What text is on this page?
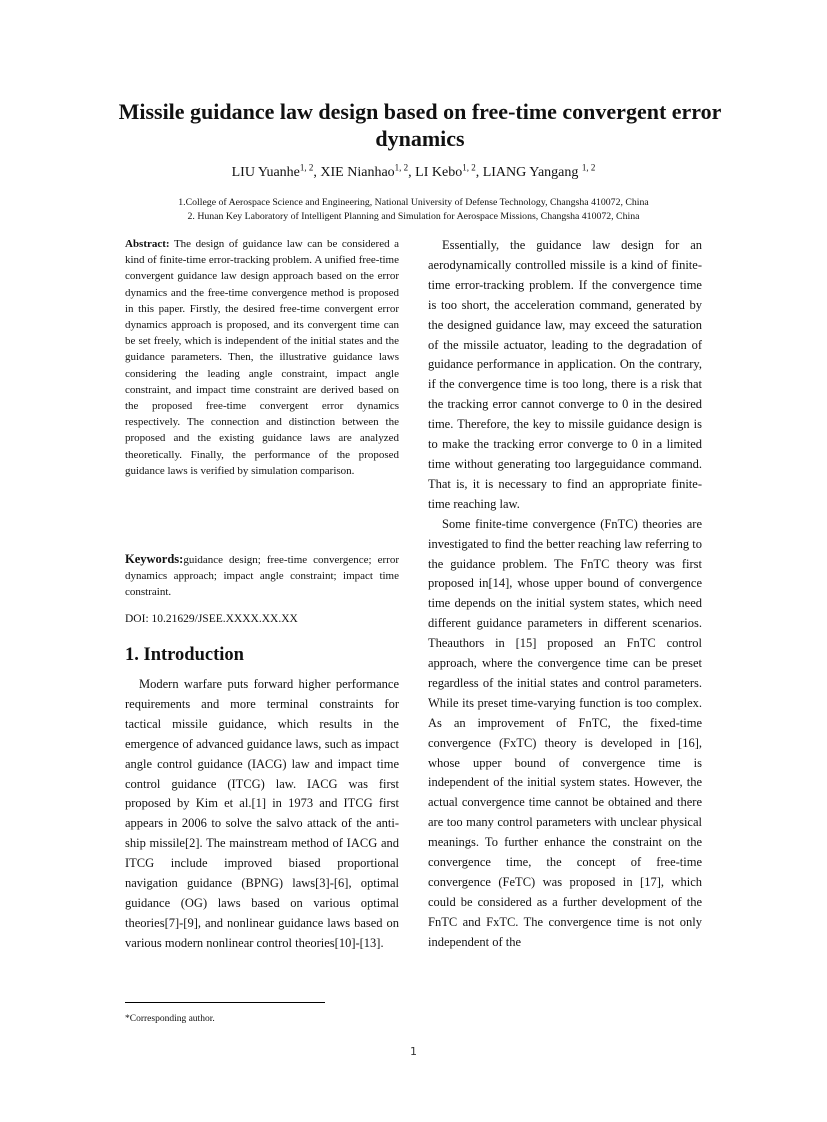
Missile guidance law design based on free-time convergent error dynamics
LIU Yuanhe$^{1, 2}$, XIE Nianhao$^{1, 2}$, LI Kebo$^{1, 2}$, LIANG Yangang $^{1, 2}$
1.College of Aerospace Science and Engineering, National University of Defense Technology, Changsha 410072, China
2. Hunan Key Laboratory of Intelligent Planning and Simulation for Aerospace Missions, Changsha 410072, China
Abstract: The design of guidance law can be considered a kind of finite-time error-tracking problem. A unified free-time convergent guidance law design approach based on the error dynamics and the free-time convergence method is proposed in this paper. Firstly, the desired free-time convergent error dynamics approach is proposed, and its convergent time can be set freely, which is independent of the initial states and the guidance parameters. Then, the illustrative guidance laws considering the leading angle constraint, impact angle constraint, and impact time constraint are derived based on the proposed free-time convergent error dynamics respectively. The connection and distinction between the proposed and the existing guidance laws are analyzed theoretically. Finally, the performance of the proposed guidance laws is verified by simulation comparison.
Keywords:guidance design; free-time convergence; error dynamics approach; impact angle constraint; impact time constraint.
DOI: 10.21629/JSEE.XXXX.XX.XX
1. Introduction

Modern warfare puts forward higher performance requirements and more terminal constraints for tactical missile guidance, which results in the emergence of advanced guidance laws, such as impact angle control guidance (IACG) law and impact time control guidance (ITCG) law. IACG was first proposed by Kim et al.[1] in 1973 and ITCG first appears in 2006 to solve the salvo attack of the anti-ship missile[2]. The mainstream method of IACG and ITCG include improved biased proportional navigation guidance (BPNG) laws[3]-[6], optimal guidance (OG) laws based on various optimal theories[7]-[9], and nonlinear guidance laws based on various modern nonlinear control theories[10]-[13].

Essentially, the guidance law design for an aerodynamically controlled missile is a kind of finite-time error-tracking problem. If the convergence time is too short, the acceleration command, generated by the designed guidance law, may exceed the saturation of the missile actuator, leading to the degradation of guidance performance in application. On the contrary, if the convergence time is too long, there is a risk that the tracking error cannot converge to 0 in the desired time. Therefore, the key to missile guidance design is to make the tracking error converge to 0 in a limited time without generating too largeguidance command. That is, it is necessary to find an appropriate finite-time reaching law.

Some finite-time convergence (FnTC) theories are investigated to find the better reaching law referring to the guidance problem. The FnTC theory was first proposed in[14], whose upper bound of convergence time depends on the initial system states, which need different guidance parameters in different scenarios. Theauthors in [15] proposed an FnTC control approach, where the convergence time can be preset regardless of the initial states and control parameters. While its preset time-varying function is too complex. As an improvement of FnTC, the fixed-time convergence (FxTC) theory is developed in [16], whose upper bound of convergence time is independent of the initial system states. However, the actual convergence time cannot be obtained and there are too many control parameters with unclear physical meanings. To further enhance the constraint on the convergence time, the concept of free-time convergence (FeTC) was proposed in [17], which could be considered as a further development of the FnTC and FxTC. The convergence time is not only independent of the

*Corresponding author.
1
